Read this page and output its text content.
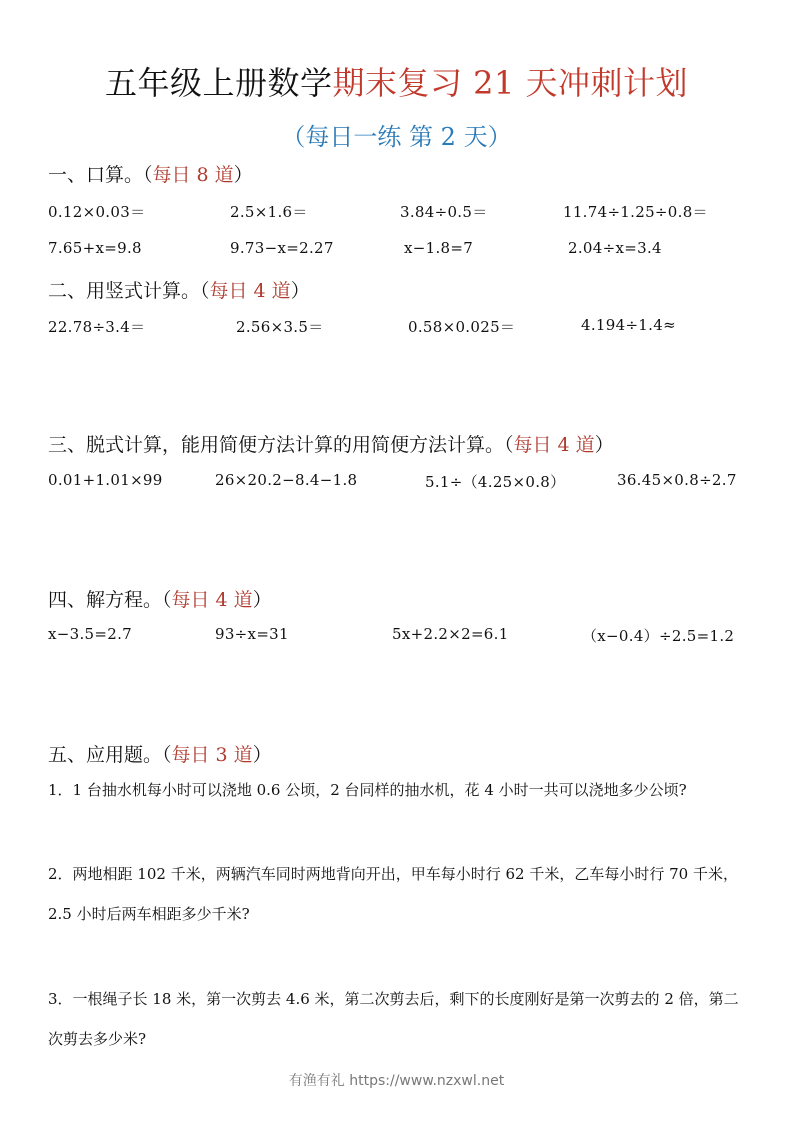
五年级上册数学期末复习 21 天冲刺计划
（每日一练 第 2 天）
一、口算。（每日 8 道）
0.12×0.03＝	2.5×1.6＝	3.84÷0.5＝	11.74÷1.25÷0.8＝
7.65+x=9.8	9.73−x=2.27	x−1.8=7	2.04÷x=3.4
二、用竖式计算。（每日 4 道）
22.78÷3.4＝	2.56×3.5＝	0.58×0.025＝	4.194÷1.4≈
三、脱式计算，能用简便方法计算的用简便方法计算。（每日 4 道）
0.01+1.01×99	26×20.2−8.4−1.8	5.1÷（4.25×0.8）	36.45×0.8÷2.7
四、解方程。（每日 4 道）
x−3.5=2.7	93÷x=31	5x+2.2×2=6.1	（x−0.4）÷2.5=1.2
五、应用题。（每日 3 道）
1．1 台抽水机每小时可以浇地 0.6 公顷，2 台同样的抽水机，花 4 小时一共可以浇地多少公顷?
2．两地相距 102 千米，两辆汽车同时两地背向开出，甲车每小时行 62 千米，乙车每小时行 70 千米，2.5 小时后两车相距多少千米?
3．一根绳子长 18 米，第一次剪去 4.6 米，第二次剪去后，剩下的长度刚好是第一次剪去的 2 倍，第二次剪去多少米?
有渔有礼 https://www.nzxwl.net
